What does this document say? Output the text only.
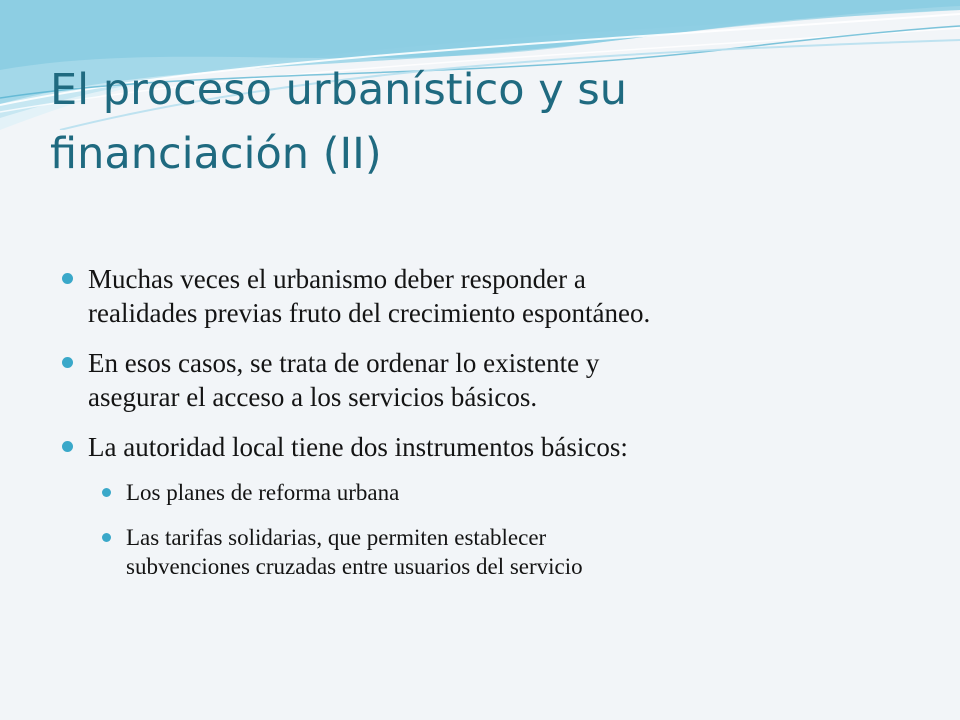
El proceso urbanístico y su
financiación (II)
Muchas veces el urbanismo deber responder a
realidades previas fruto del crecimiento espontáneo.
En esos casos, se trata de ordenar lo existente y
asegurar el acceso a los servicios básicos.
La autoridad local tiene dos instrumentos básicos:
Los planes de reforma urbana
Las tarifas solidarias, que permiten establecer
subvenciones cruzadas entre usuarios del servicio
